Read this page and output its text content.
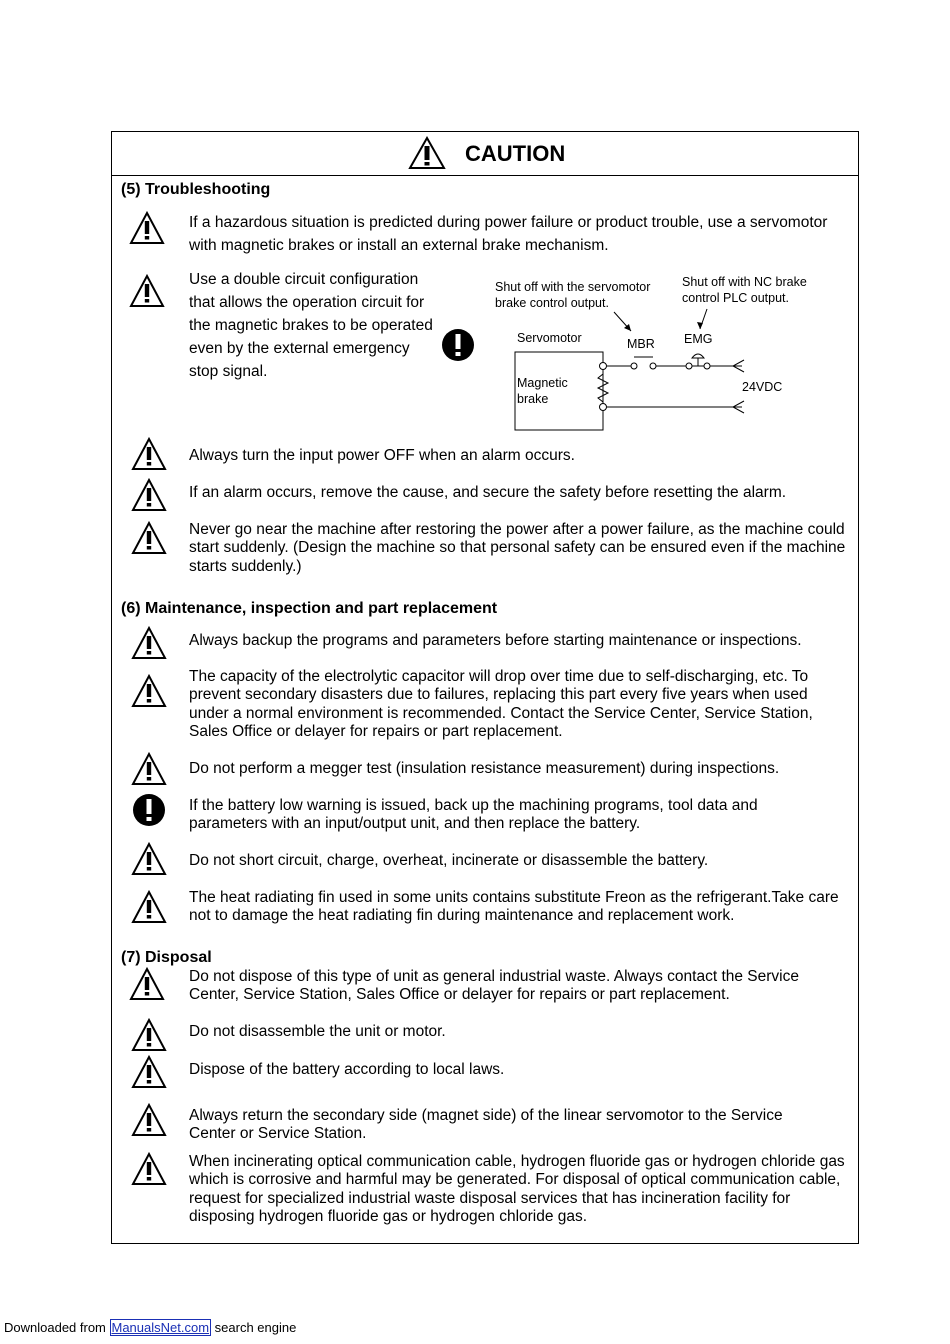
CAUTION
(5) Troubleshooting
If a hazardous situation is predicted during power failure or product trouble, use a servomotor with magnetic brakes or install an external brake mechanism.
Use a double circuit configuration
that allows the operation circuit for
the magnetic brakes to be operated
even by the external emergency
stop signal.
Shut off with the servomotor
brake control output.
Shut off with NC brake
control PLC output.
Servomotor	MBR EMG
Magnetic
brake
24VDC
Always turn the input power OFF when an alarm occurs.
If an alarm occurs, remove the cause, and secure the safety before resetting the alarm.
Never go near the machine after restoring the power after a power failure, as the machine could start suddenly. (Design the machine so that personal safety can be ensured even if the machine starts suddenly.)
(6) Maintenance, inspection and part replacement
Always backup the programs and parameters before starting maintenance or inspections.
The capacity of the electrolytic capacitor will drop over time due to self-discharging, etc. To prevent secondary disasters due to failures, replacing this part every five years when used under a normal environment is recommended. Contact the Service Center, Service Station, Sales Office or delayer for repairs or part replacement.
Do not perform a megger test (insulation resistance measurement) during inspections.
If the battery low warning is issued, back up the machining programs, tool data and parameters with an input/output unit, and then replace the battery.
Do not short circuit, charge, overheat, incinerate or disassemble the battery.
The heat radiating fin used in some units contains substitute Freon as the refrigerant.Take care not to damage the heat radiating fin during maintenance and replacement work.
(7) Disposal
Do not dispose of this type of unit as general industrial waste. Always contact the Service Center, Service Station, Sales Office or delayer for repairs or part replacement.
Do not disassemble the unit or motor.
Dispose of the battery according to local laws.
Always return the secondary side (magnet side) of the linear servomotor to the Service Center or Service Station.
When incinerating optical communication cable, hydrogen fluoride gas or hydrogen chloride gas which is corrosive and harmful may be generated. For disposal of optical communication cable, request for specialized industrial waste disposal services that has incineration facility for disposing hydrogen fluoride gas or hydrogen chloride gas.
Downloaded from ManualsNet.com search engine
